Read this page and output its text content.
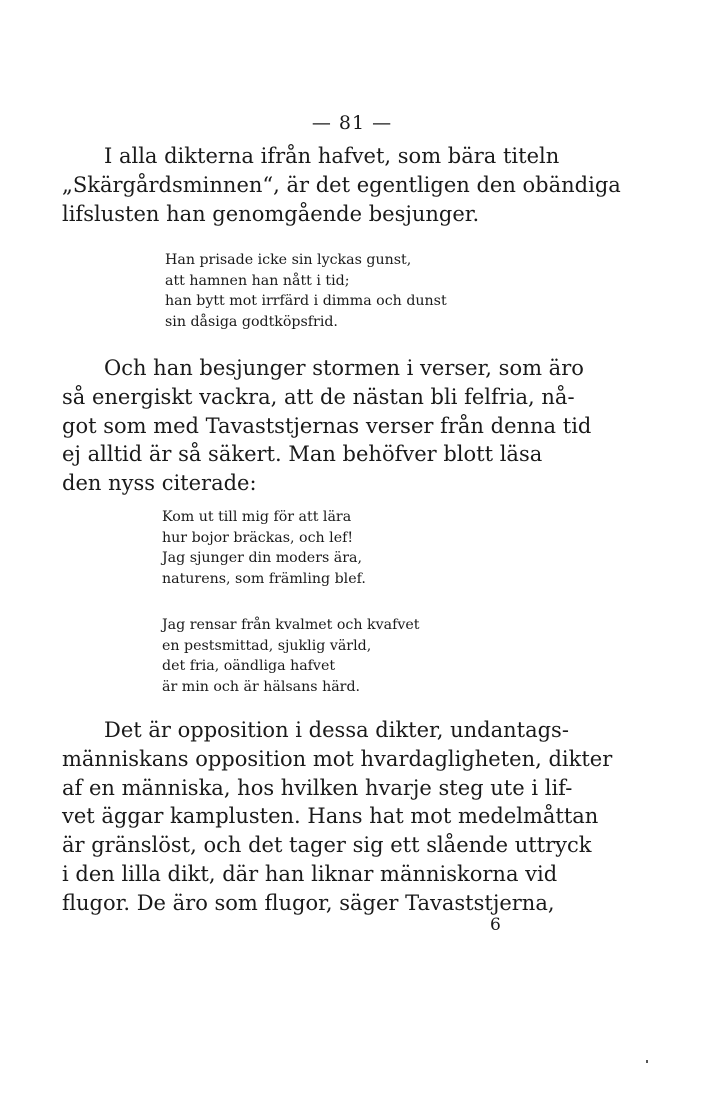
— 81 —
I alla dikterna ifrån hafvet, som bära titeln
„Skärgårdsminnen“, är det egentligen den obändiga
lifslusten han genomgående besjunger.
Han prisade icke sin lyckas gunst,
att hamnen han nått i tid;
han bytt mot irrfärd i dimma och dunst
sin dåsiga godtköpsfrid.
Och han besjunger stormen i verser, som äro
så energiskt vackra, att de nästan bli felfria, nå-
got som med Tavaststjernas verser från denna tid
ej alltid är så säkert. Man behöfver blott läsa
den nyss citerade:
Kom ut till mig för att lära
hur bojor bräckas, och lef!
Jag sjunger din moders ära,
naturens, som främling blef.
Jag rensar från kvalmet och kvafvet
en pestsmittad, sjuklig värld,
det fria, oändliga hafvet
är min och är hälsans härd.
Det är opposition i dessa dikter, undantags-
människans opposition mot hvardagligheten, dikter
af en människa, hos hvilken hvarje steg ute i lif-
vet äggar kamplusten. Hans hat mot medelmåttan
är gränslöst, och det tager sig ett slående uttryck
i den lilla dikt, där han liknar människorna vid
flugor. De äro som flugor, säger Tavaststjerna,
6
